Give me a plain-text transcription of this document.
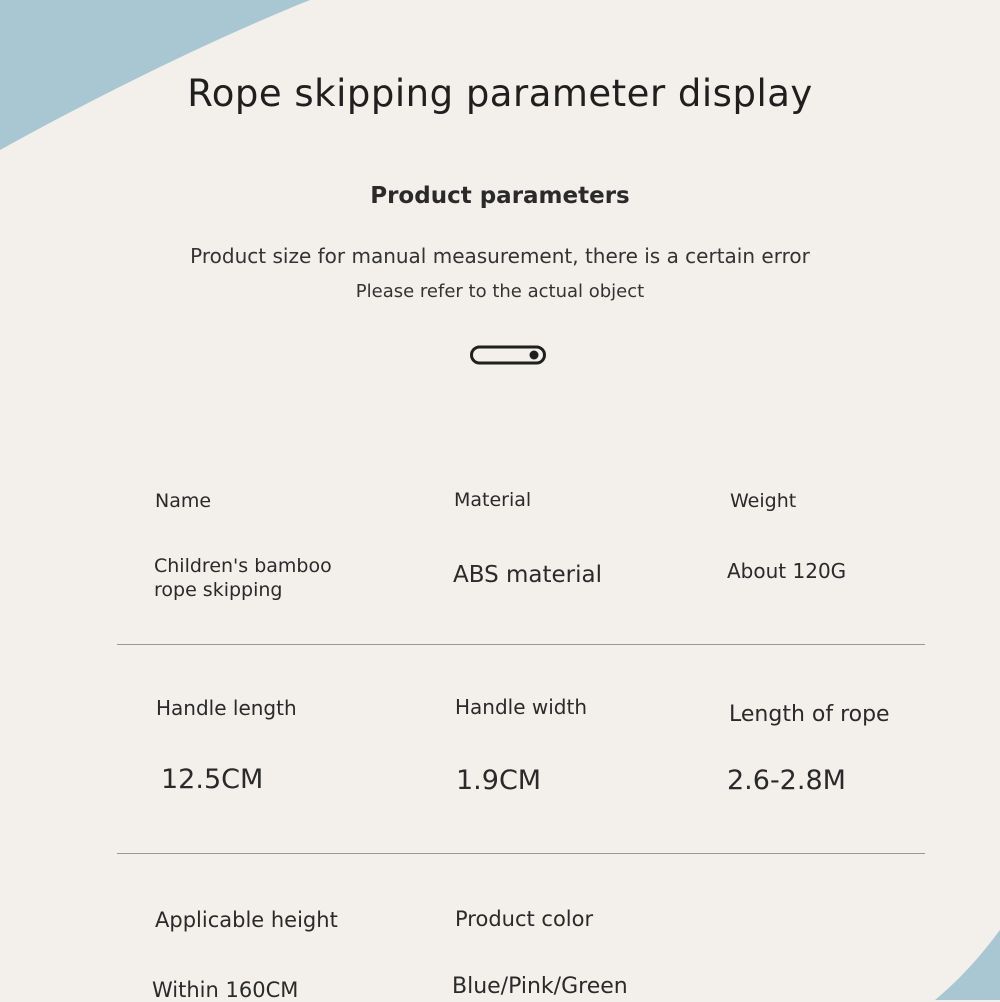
Rope skipping parameter display
Product parameters
Product size for manual measurement, there is a certain error
Please refer to the actual object
Name	Material	Weight
Children's bamboo
rope skipping
ABS material	About 120G
Handle length	Handle width	Length of rope
12.5CM	1.9CM	2.6-2.8M
Applicable height	Product color
Within 160CM	Blue/Pink/Green
